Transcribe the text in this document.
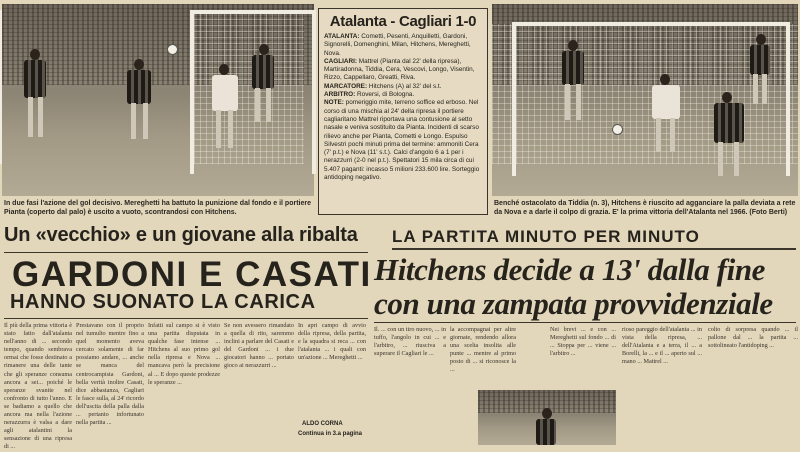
In due fasi l'azione del gol decisivo. Mereghetti ha battuto la punizione dal fondo e il portiere Pianta (coperto dal palo) è uscito a vuoto, scontrandosi con Hitchens.
Atalanta - Cagliari 1-0
ATALANTA: Cometti, Pesenti, Anquilletti, Gardoni, Signorelli, Domenghini, Milan, Hitchens, Mereghetti, Nova.
CAGLIARI: Mattrel (Pianta dal 22' della ripresa), Martiradonna, Tiddia, Cera, Vescovi, Longo, Visentin, Rizzo, Cappellaro, Greatti, Riva.
MARCATORE: Hitchens (A) al 32' del s.t.
ARBITRO: Roversi, di Bologna.
NOTE: pomeriggio mite, terreno soffice ed erboso. Nel corso di una mischia al 24' della ripresa il portiere cagliaritano Mattrel riportava una contusione al setto nasale e veniva sostituito da Pianta. Incidenti di scarso rilievo anche per Pianta, Cometti e Longo. Espulso Silvestri pochi minuti prima del termine: ammoniti Cera (7' p.t.) e Nova (11' s.t.). Calci d'angolo 6 a 1 per i nerazzurri (2-0 nel p.t.). Spettatori 15 mila circa di cui 5.407 paganti: incasso 5 milioni 233.600 lire. Sorteggio antidoping negativo.
Benché ostacolato da Tiddia (n. 3), Hitchens è riuscito ad agganciare la palla deviata a rete da Nova e a darle il colpo di grazia. E' la prima vittoria dell'Atalanta nel 1966. (Foto Berti)
Un «vecchio» e un giovane alla ribalta LA PARTITA MINUTO PER MINUTO
GARDONI E CASATI
HANNO SUONATO LA CARICA
Hitchens decide a 13' dalla fine
con una zampata provvidenziale
Il più della prima vittoria è stato fatto dall'atalanta nell'anno di ... secondo tempo, quando sembrava ormai che fosse destinato a rimanere una delle tante che gli speranze consuma ancora a sei... poiché le speranze svanite nel confronto di tutto l'anno. E se badiamo a quello che ancora ma nella l'azione nerazzurra è valsa a dare agli atalantini la sensazione di una ripresa di ...
Prestavano con il proprio nel tumulto mentre fino a quel momento aveva cercato solamente di far possiamo andare, ... anche se manca del centrocampista Gardoni, bella verità inoltre Casati, dice abbastanza, Cagliari le fasce sulla, al 24' ricordo dell'uscita della palla dalla ... pertanto infortunato nella partita ...
Infatti sul campo si è visto una partita disputata in qualche fase intense ... Hitchens al suo primo gol nella ripresa e Nova ... mancava però la precisione al ... E dopo queste prodezze le speranze ...
Se non avessero rimandato a quella di rito, saremmo inclini a parlare del Casati e del Gardoni ... i due giocatori hanno ... portato gioco ai nerazzurri ...
ALDO CORNA
Continua in 3.a pagina
In apri campo di avvio della ripresa, della partita, e la squadra si reca ... con l'atalanta ... i quali con un'azione ... Mereghetti ...
Il. ... con un tiro nuovo, ... in tuffo, l'angolo in cui ... e l'arbitro, ... riusciva a superare il Cagliari le ...
la accompagnai per altre giornate, rendendo allora una scelta insolita alle punte ... mentre al primo posto di ... si riconosce la ...
Nei brevi ... e con ... Mereghetti sul fondo ... di ... Stoppa per ... viene ... l'arbitro ...
rioso pareggio dell'atalanta ... in vista della ripresa, ... dell'Atalanta e a terra, il ... a Borelli, la ... e il ... aperto sul ... mano ... Mattrel ...
colto di sorpresa quando ... il pallone dal ... la partita ... sottolineato l'antidoping ...
